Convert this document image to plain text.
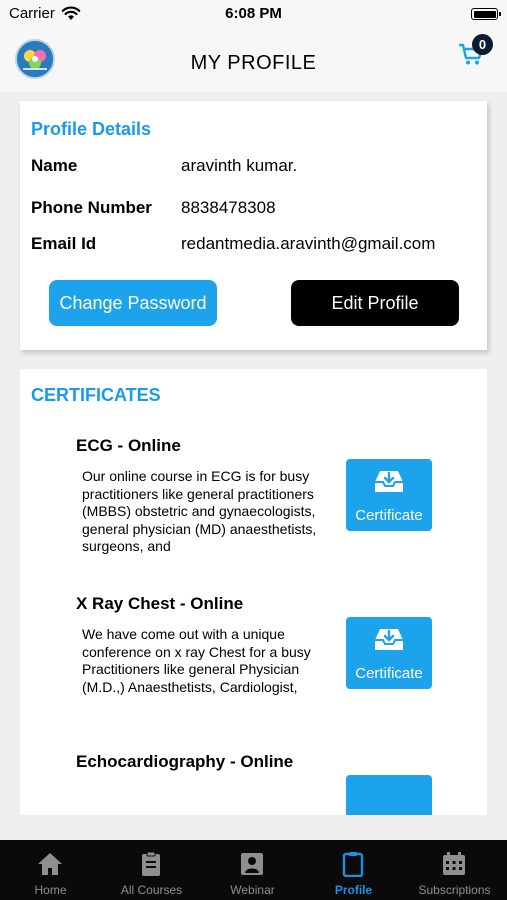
Carrier	6:08 PM
MY PROFILE
0
Profile Details
Name	aravinth kumar.
Phone Number 8838478308
Email Id	redantmedia.aravinth@gmail.com
Change Password	Edit Profile
CERTIFICATES
ECG - Online
Our online course in ECG is for busy practitioners like general practitioners (MBBS) obstetric and gynaecologists, general physician (MD) anaesthetists, surgeons, and
Certificate
X Ray Chest - Online
We have come out with a unique conference on x ray Chest for a busy Practitioners like general Physician (M.D.,) Anaesthetists, Cardiologist,
Certificate
Echocardiography - Online
Home	All Courses	Webinar	Profile	Subscriptions
